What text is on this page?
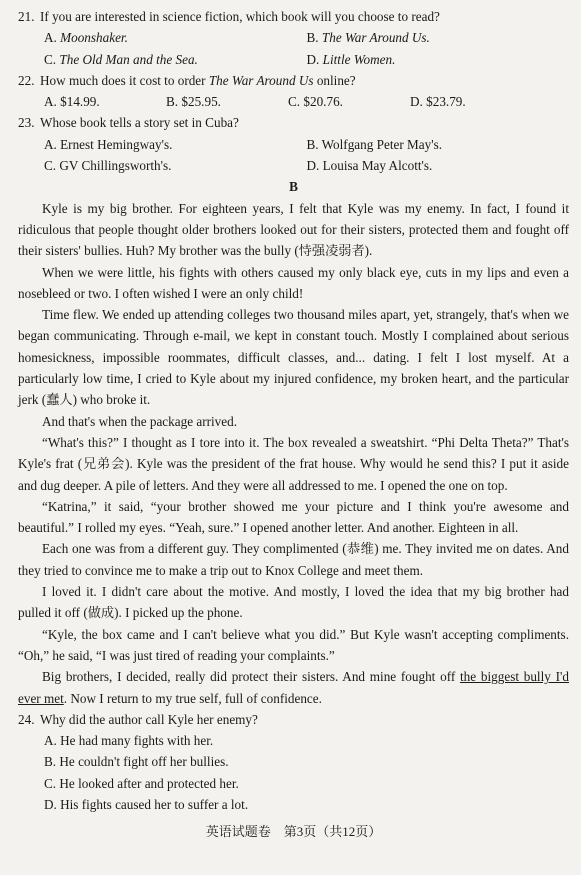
21. If you are interested in science fiction, which book will you choose to read?
A. Moonshaker.	B. The War Around Us.
C. The Old Man and the Sea.	D. Little Women.
22. How much does it cost to order The War Around Us online?
A. $14.99.	B. $25.95.	C. $20.76.	D. $23.79.
23. Whose book tells a story set in Cuba?
A. Ernest Hemingway's.	B. Wolfgang Peter May's.
C. GV Chillingsworth's.	D. Louisa May Alcott's.

B

Kyle is my big brother. For eighteen years, I felt that Kyle was my enemy. In fact, I found it ridiculous that people thought older brothers looked out for their sisters, protected them and fought off their sisters' bullies. Huh? My brother was the bully (恃强凌弱者).

When we were little, his fights with others caused my only black eye, cuts in my lips and even a nosebleed or two. I often wished I were an only child!

Time flew. We ended up attending colleges two thousand miles apart, yet, strangely, that's when we began communicating. Through e-mail, we kept in constant touch. Mostly I complained about serious homesickness, impossible roommates, difficult classes, and... dating. I felt I lost myself. At a particularly low time, I cried to Kyle about my injured confidence, my broken heart, and the particular jerk (蠢人) who broke it.

And that's when the package arrived.

“What's this?” I thought as I tore into it. The box revealed a sweatshirt. “Phi Delta Theta?” That's Kyle's frat (兄弟会). Kyle was the president of the frat house. Why would he send this? I put it aside and dug deeper. A pile of letters. And they were all addressed to me. I opened the one on top.

“Katrina,” it said, “your brother showed me your picture and I think you're awesome and beautiful.” I rolled my eyes. “Yeah, sure.” I opened another letter. And another. Eighteen in all.

Each one was from a different guy. They complimented (恭维) me. They invited me on dates. And they tried to convince me to make a trip out to Knox College and meet them.

I loved it. I didn't care about the motive. And mostly, I loved the idea that my big brother had pulled it off (做成). I picked up the phone.

“Kyle, the box came and I can't believe what you did.” But Kyle wasn't accepting compliments. “Oh,” he said, “I was just tired of reading your complaints.”

Big brothers, I decided, really did protect their sisters. And mine fought off the biggest bully I'd ever met. Now I return to my true self, full of confidence.

24. Why did the author call Kyle her enemy?

A. He had many fights with her.

B. He couldn't fight off her bullies.

C. He looked after and protected her.

D. His fights caused her to suffer a lot.

英语试题卷　第3页（共12页）
